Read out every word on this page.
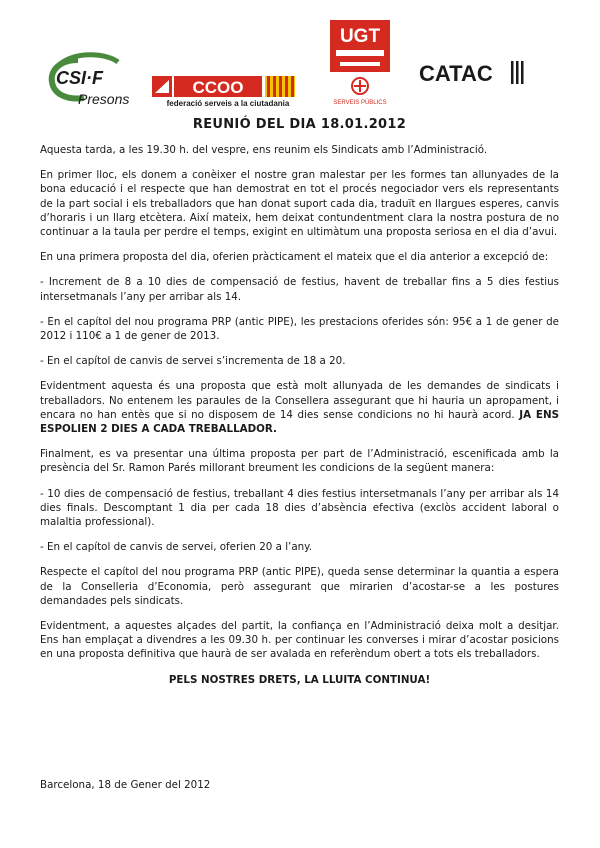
CSI·F
Presons
CCOO
federació serveis a la ciutadania
UGT
SERVEIS PÚBLICS
CATAC
REUNIÓ DEL DIA 18.01.2012

Aquesta tarda, a les 19.30 h. del vespre, ens reunim els Sindicats amb l’Administració.

En primer lloc, els donem a conèixer el nostre gran malestar per les formes tan allunyades de la bona educació i el respecte que han demostrat en tot el procés negociador vers els representants de la part social i els treballadors que han donat suport cada dia, traduït en llargues esperes, canvis d’horaris i un llarg etcètera. Així mateix, hem deixat contundentment clara la nostra postura de no continuar a la taula per perdre el temps, exigint en ultimàtum una proposta seriosa en el dia d’avui.

En una primera proposta del dia, oferien pràcticament el mateix que el dia anterior a excepció de:

- Increment de 8 a 10 dies de compensació de festius, havent de treballar fins a 5 dies festius intersetmanals l’any per arribar als 14.

- En el capítol del nou programa PRP (antic PIPE), les prestacions oferides són: 95€ a 1 de gener de 2012 i 110€ a 1 de gener de 2013.

- En el capítol de canvis de servei s’incrementa de 18 a 20.

Evidentment aquesta és una proposta que està molt allunyada de les demandes de sindicats i treballadors. No entenem les paraules de la Consellera assegurant que hi hauria un apropament, i encara no han entès que si no disposem de 14 dies sense condicions no hi haurà acord. JA ENS ESPOLIEN 2 DIES A CADA TREBALLADOR.

Finalment, es va presentar una última proposta per part de l’Administració, escenificada amb la presència del Sr. Ramon Parés millorant breument les condicions de la següent manera:

- 10 dies de compensació de festius, treballant 4 dies festius intersetmanals l’any per arribar als 14 dies finals. Descomptant 1 dia per cada 18 dies d’absència efectiva (exclòs accident laboral o malaltia professional).

- En el capítol de canvis de servei, oferien 20 a l’any.

Respecte el capítol del nou programa PRP (antic PIPE), queda sense determinar la quantia a espera de la Conselleria d’Economia, però assegurant que mirarien d’acostar-se a les postures demandades pels sindicats.

Evidentment, a aquestes alçades del partit, la confiança en l’Administració deixa molt a desitjar. Ens han emplaçat a divendres a les 09.30 h. per continuar les converses i mirar d’acostar posicions en una proposta definitiva que haurà de ser avalada en referèndum obert a tots els treballadors.

PELS NOSTRES DRETS, LA LLUITA CONTINUA!

Barcelona, 18 de Gener del 2012
